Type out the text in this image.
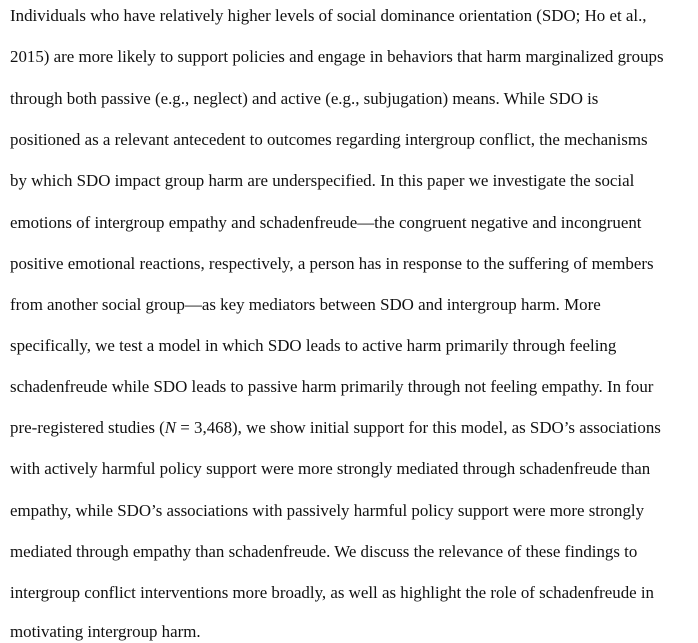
Individuals who have relatively higher levels of social dominance orientation (SDO; Ho et al.,
2015) are more likely to support policies and engage in behaviors that harm marginalized groups
through both passive (e.g., neglect) and active (e.g., subjugation) means. While SDO is
positioned as a relevant antecedent to outcomes regarding intergroup conflict, the mechanisms
by which SDO impact group harm are underspecified. In this paper we investigate the social
emotions of intergroup empathy and schadenfreude—the congruent negative and incongruent
positive emotional reactions, respectively, a person has in response to the suffering of members
from another social group—as key mediators between SDO and intergroup harm. More
specifically, we test a model in which SDO leads to active harm primarily through feeling
schadenfreude while SDO leads to passive harm primarily through not feeling empathy. In four
pre-registered studies (N = 3,468), we show initial support for this model, as SDO’s associations
with actively harmful policy support were more strongly mediated through schadenfreude than
empathy, while SDO’s associations with passively harmful policy support were more strongly
mediated through empathy than schadenfreude. We discuss the relevance of these findings to
intergroup conflict interventions more broadly, as well as highlight the role of schadenfreude in
motivating intergroup harm.
